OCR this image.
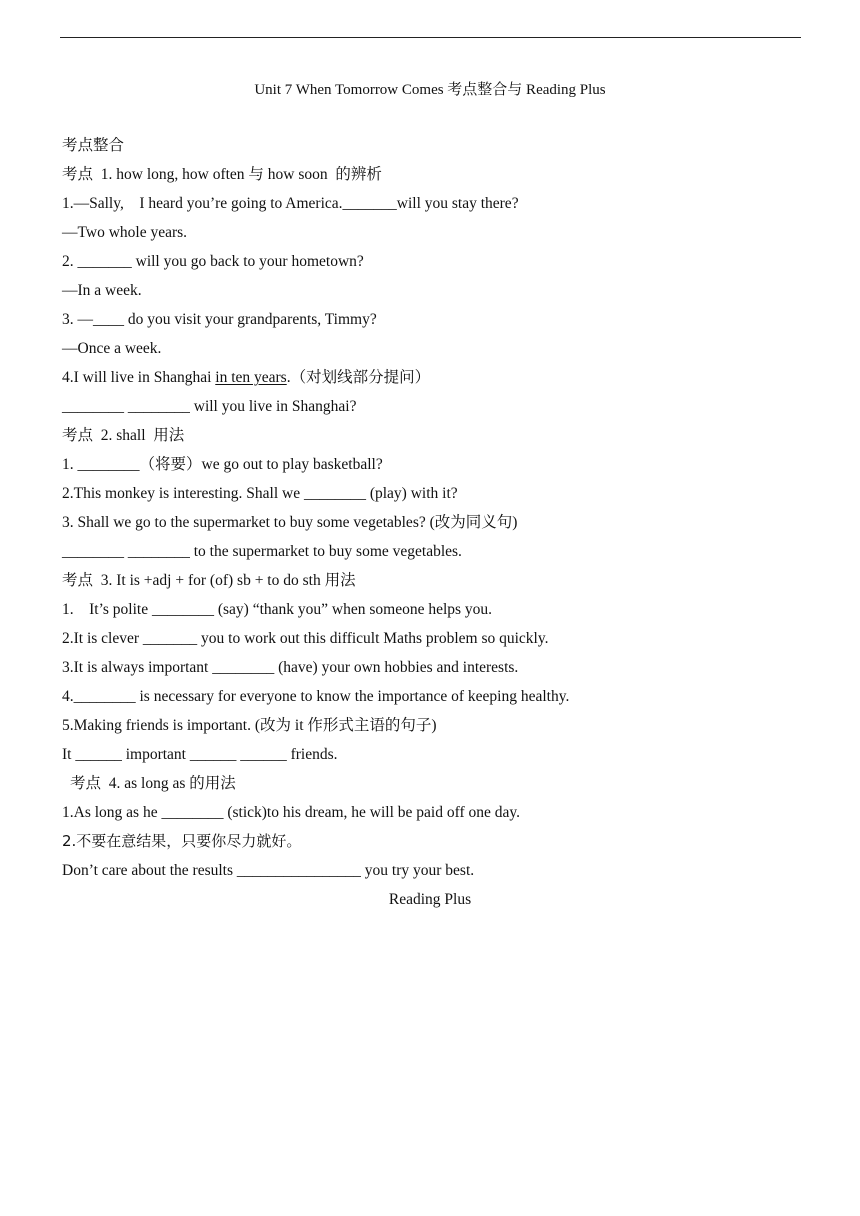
Unit 7 When Tomorrow Comes 考点整合与 Reading Plus
考点整合
考点  1. how long, how often 与 how soon  的辨析
1.—Sally,    I heard you’re going to America._______will you stay there?
—Two whole years.
2. _______ will you go back to your hometown?
—In a week.
3. —____ do you visit your grandparents, Timmy?
—Once a week.
4.I will live in Shanghai in ten years.（对划线部分提问）
________ ________ will you live in Shanghai?
考点  2. shall  用法
1. ________（将要）we go out to play basketball?
2.This monkey is interesting. Shall we ________ (play) with it?
3. Shall we go to the supermarket to buy some vegetables? (改为同义句)
________ ________ to the supermarket to buy some vegetables.
考点  3. It is +adj + for (of) sb + to do sth 用法
1.    It’s polite ________ (say) “thank you” when someone helps you.
2.It is clever _______ you to work out this difficult Maths problem so quickly.
3.It is always important ________ (have) your own hobbies and interests.
4.________ is necessary for everyone to know the importance of keeping healthy.
5.Making friends is important. (改为 it 作形式主语的句子)
It ______ important ______ ______ friends.
考点  4. as long as 的用法
1.As long as he ________ (stick)to his dream, he will be paid off one day.
2.不要在意结果，只要你尽力就好。
Don’t care about the results ________________ you try your best.
Reading Plus
